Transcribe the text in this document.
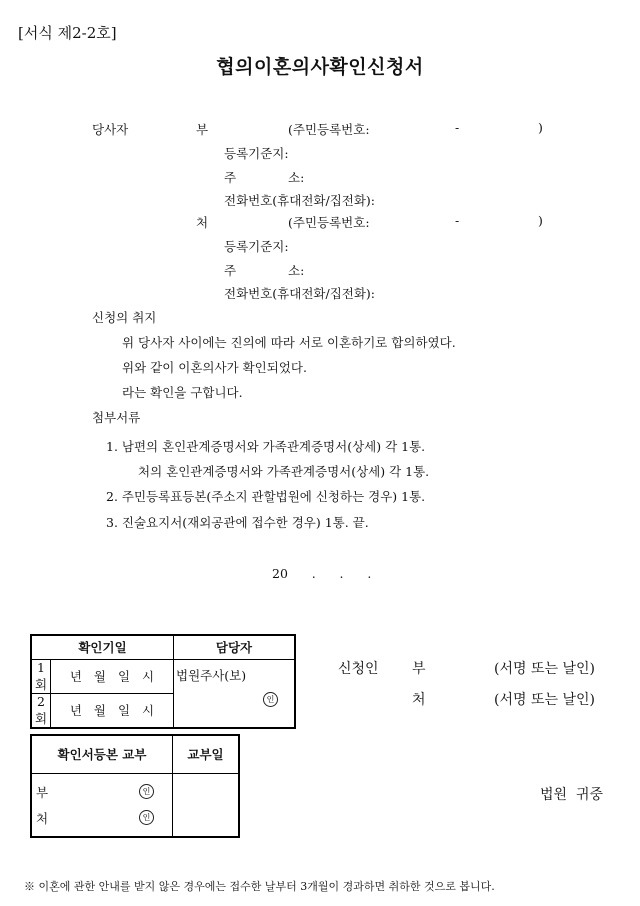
[서식 제2-2호]
협의이혼의사확인신청서
당사자	부	(주민등록번호:	-	)
등록기준지:
주	소:
전화번호(휴대전화/집전화):
처	(주민등록번호:	-	)
등록기준지:
주	소:
전화번호(휴대전화/집전화):
신청의 취지
위 당사자 사이에는 진의에 따라 서로 이혼하기로 합의하였다.
위와 같이 이혼의사가 확인되었다.
라는 확인을 구합니다.
첨부서류
1. 남편의 혼인관계증명서와 가족관계증명서(상세) 각 1통.
처의 혼인관계증명서와 가족관계증명서(상세) 각 1통.
2. 주민등록표등본(주소지 관할법원에 신청하는 경우) 1통.
3. 진술요지서(재외공관에 접수한 경우) 1통. 끝.
20      .      .      .
확인기일		담당자
1회	년 월 일 시	법원주사(보)
인

2회	년 월 일 시	
신청인 부	(서명 또는 날인)
처	(서명 또는 날인)
확인서등본 교부	교부일

부 인
처 인	

법원  귀중
※ 이혼에 관한 안내를 받지 않은 경우에는 접수한 날부터 3개월이 경과하면 취하한 것으로 봅니다.
